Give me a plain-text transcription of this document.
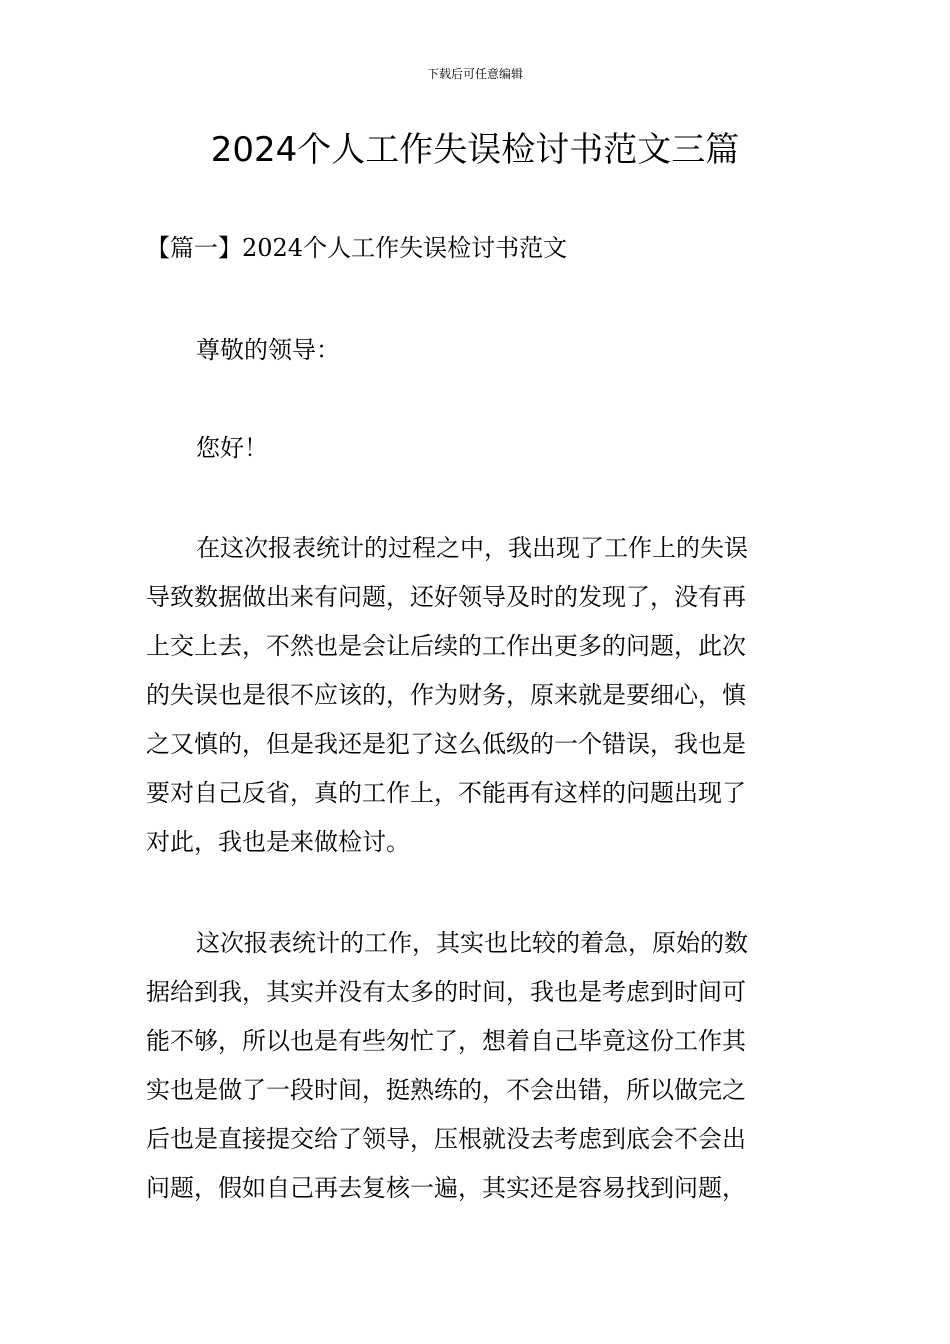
下载后可任意编辑
2024个人工作失误检讨书范文三篇
【篇一】2024个人工作失误检讨书范文
尊敬的领导：
您好！
在这次报表统计的过程之中，我出现了工作上的失误
导致数据做出来有问题，还好领导及时的发现了，没有再
上交上去，不然也是会让后续的工作出更多的问题，此次
的失误也是很不应该的，作为财务，原来就是要细心，慎
之又慎的，但是我还是犯了这么低级的一个错误，我也是
要对自己反省，真的工作上，不能再有这样的问题出现了
对此，我也是来做检讨。
这次报表统计的工作，其实也比较的着急，原始的数
据给到我，其实并没有太多的时间，我也是考虑到时间可
能不够，所以也是有些匆忙了，想着自己毕竟这份工作其
实也是做了一段时间，挺熟练的，不会出错，所以做完之
后也是直接提交给了领导，压根就没去考虑到底会不会出
问题，假如自己再去复核一遍，其实还是容易找到问题，
